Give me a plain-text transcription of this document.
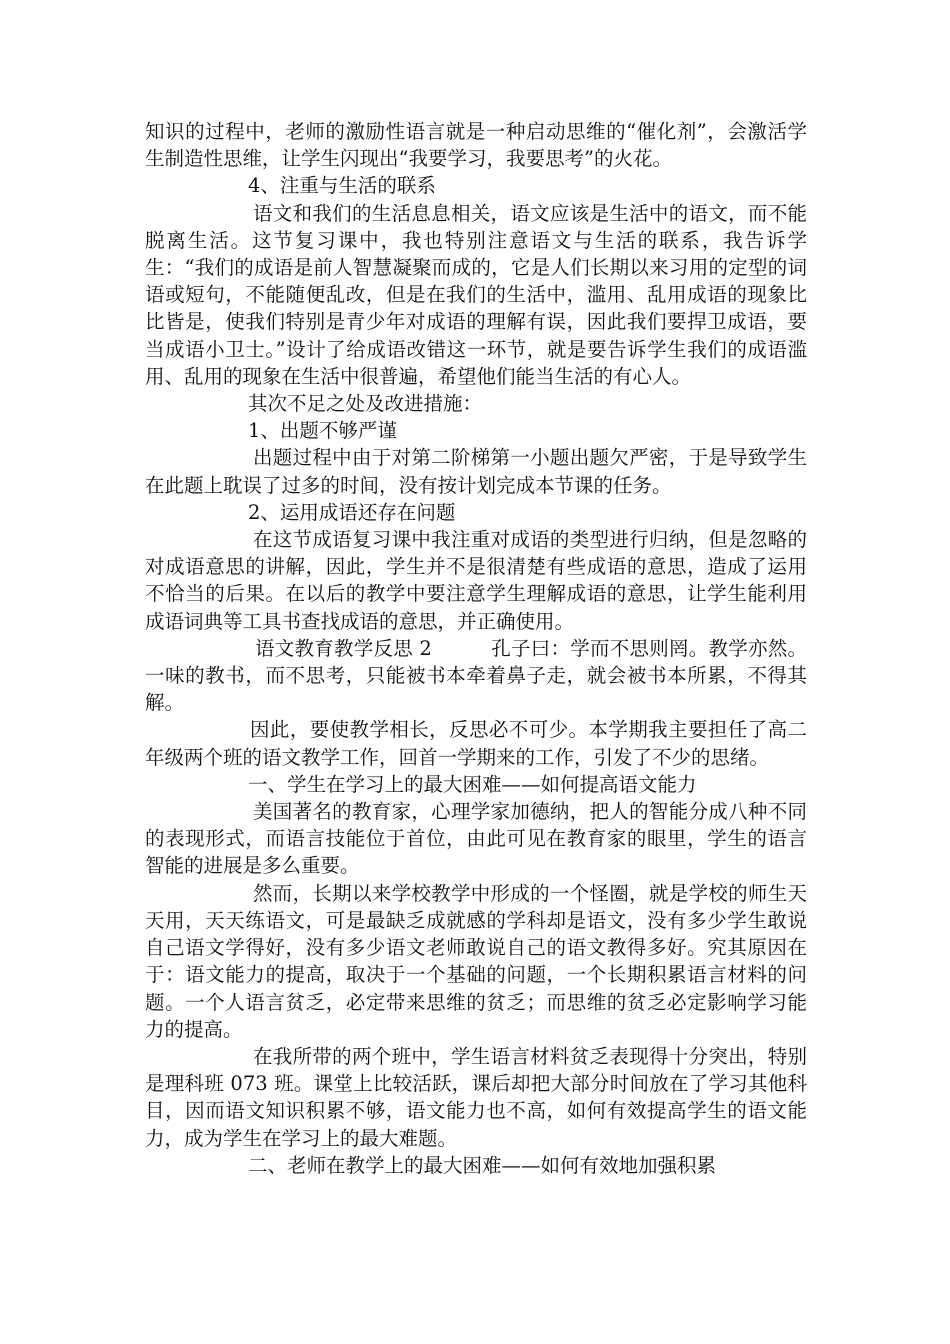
知识的过程中，老师的激励性语言就是一种启动思维的“催化剂”，会激活学生制造性思维，让学生闪现出“我要学习，我要思考”的火花。

4、注重与生活的联系

语文和我们的生活息息相关，语文应该是生活中的语文，而不能脱离生活。这节复习课中，我也特别注意语文与生活的联系，我告诉学生：“我们的成语是前人智慧凝聚而成的，它是人们长期以来习用的定型的词语或短句，不能随便乱改，但是在我们的生活中，滥用、乱用成语的现象比比皆是，使我们特别是青少年对成语的理解有误，因此我们要捍卫成语，要当成语小卫士。”设计了给成语改错这一环节，就是要告诉学生我们的成语滥用、乱用的现象在生活中很普遍，希望他们能当生活的有心人。

其次不足之处及改进措施：

1、出题不够严谨

出题过程中由于对第二阶梯第一小题出题欠严密，于是导致学生在此题上耽误了过多的时间，没有按计划完成本节课的任务。

2、运用成语还存在问题

在这节成语复习课中我注重对成语的类型进行归纳，但是忽略的对成语意思的讲解，因此，学生并不是很清楚有些成语的意思，造成了运用不恰当的后果。在以后的教学中要注意学生理解成语的意思，让学生能利用成语词典等工具书查找成语的意思，并正确使用。

语文教育教学反思 2　　　孔子曰：学而不思则罔。教学亦然。一味的教书，而不思考，只能被书本牵着鼻子走，就会被书本所累，不得其解。

因此，要使教学相长，反思必不可少。本学期我主要担任了高二年级两个班的语文教学工作，回首一学期来的工作，引发了不少的思绪。

一、学生在学习上的最大困难——如何提高语文能力

美国著名的教育家，心理学家加德纳，把人的智能分成八种不同的表现形式，而语言技能位于首位，由此可见在教育家的眼里，学生的语言智能的进展是多么重要。

然而，长期以来学校教学中形成的一个怪圈，就是学校的师生天天用，天天练语文，可是最缺乏成就感的学科却是语文，没有多少学生敢说自己语文学得好，没有多少语文老师敢说自己的语文教得多好。究其原因在于：语文能力的提高，取决于一个基础的问题，一个长期积累语言材料的问题。一个人语言贫乏，必定带来思维的贫乏；而思维的贫乏必定影响学习能力的提高。

在我所带的两个班中，学生语言材料贫乏表现得十分突出，特别是理科班 073 班。课堂上比较活跃，课后却把大部分时间放在了学习其他科目，因而语文知识积累不够，语文能力也不高，如何有效提高学生的语文能力，成为学生在学习上的最大难题。

二、老师在教学上的最大困难——如何有效地加强积累
